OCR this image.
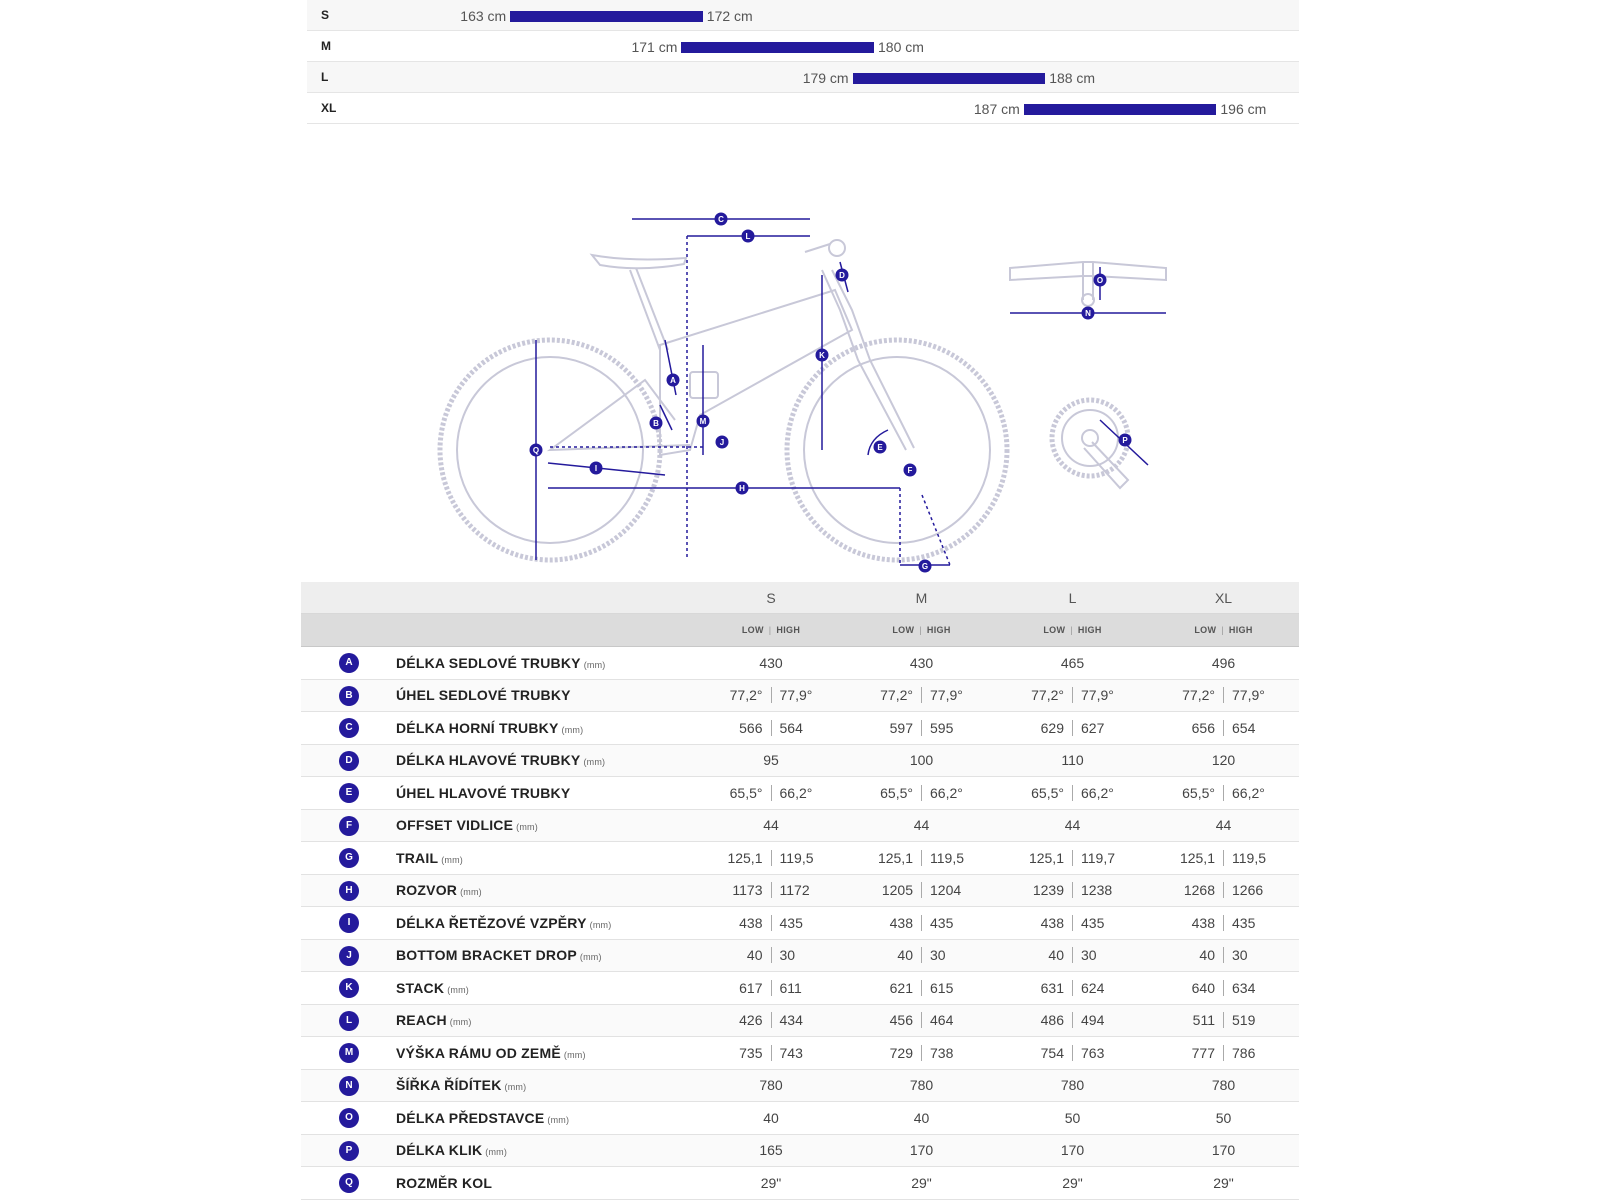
S	163 cm	172 cm
M	171 cm	180 cm
L	179 cm	188 cm
XL	187 cm	196 cm
A
B
C
D
E
F
G
H
I
J
K
L
M
N
O
P
Q
		S	M	L	XL
		LOW | HIGH	LOW | HIGH	LOW | HIGH	LOW | HIGH
A	DÉLKA SEDLOVÉ TRUBKY (mm)	430	430	465	496
B	ÚHEL SEDLOVÉ TRUBKY	77,2° 77,9°	77,2° 77,9°	77,2° 77,9°	77,2° 77,9°

C	DÉLKA HORNÍ TRUBKY (mm)	566 564	597 595	629 627	656 654

D	DÉLKA HLAVOVÉ TRUBKY (mm)	95	100	110	120
E	ÚHEL HLAVOVÉ TRUBKY	65,5° 66,2°	65,5° 66,2°	65,5° 66,2°	65,5° 66,2°

F	OFFSET VIDLICE (mm)	44	44	44	44
G	TRAIL (mm)	125,1 119,5	125,1 119,5	125,1 119,7	125,1 119,5

H	ROZVOR (mm)	1173 1172	1205 1204	1239 1238	1268 1266

I	DÉLKA ŘETĚZOVÉ VZPĚRY (mm)	438 435	438 435	438 435	438 435

J	BOTTOM BRACKET DROP (mm)	40 30	40 30	40 30	40 30

K	STACK (mm)	617 611	621 615	631 624	640 634

L	REACH (mm)	426 434	456 464	486 494	511 519

M	VÝŠKA RÁMU OD ZEMĚ (mm)	735 743	729 738	754 763	777 786

N	ŠÍŘKA ŘÍDÍTEK (mm)	780	780	780	780
O	DÉLKA PŘEDSTAVCE (mm)	40	40	50	50
P	DÉLKA KLIK (mm)	165	170	170	170
Q	ROZMĚR KOL	29"	29"	29"	29"
